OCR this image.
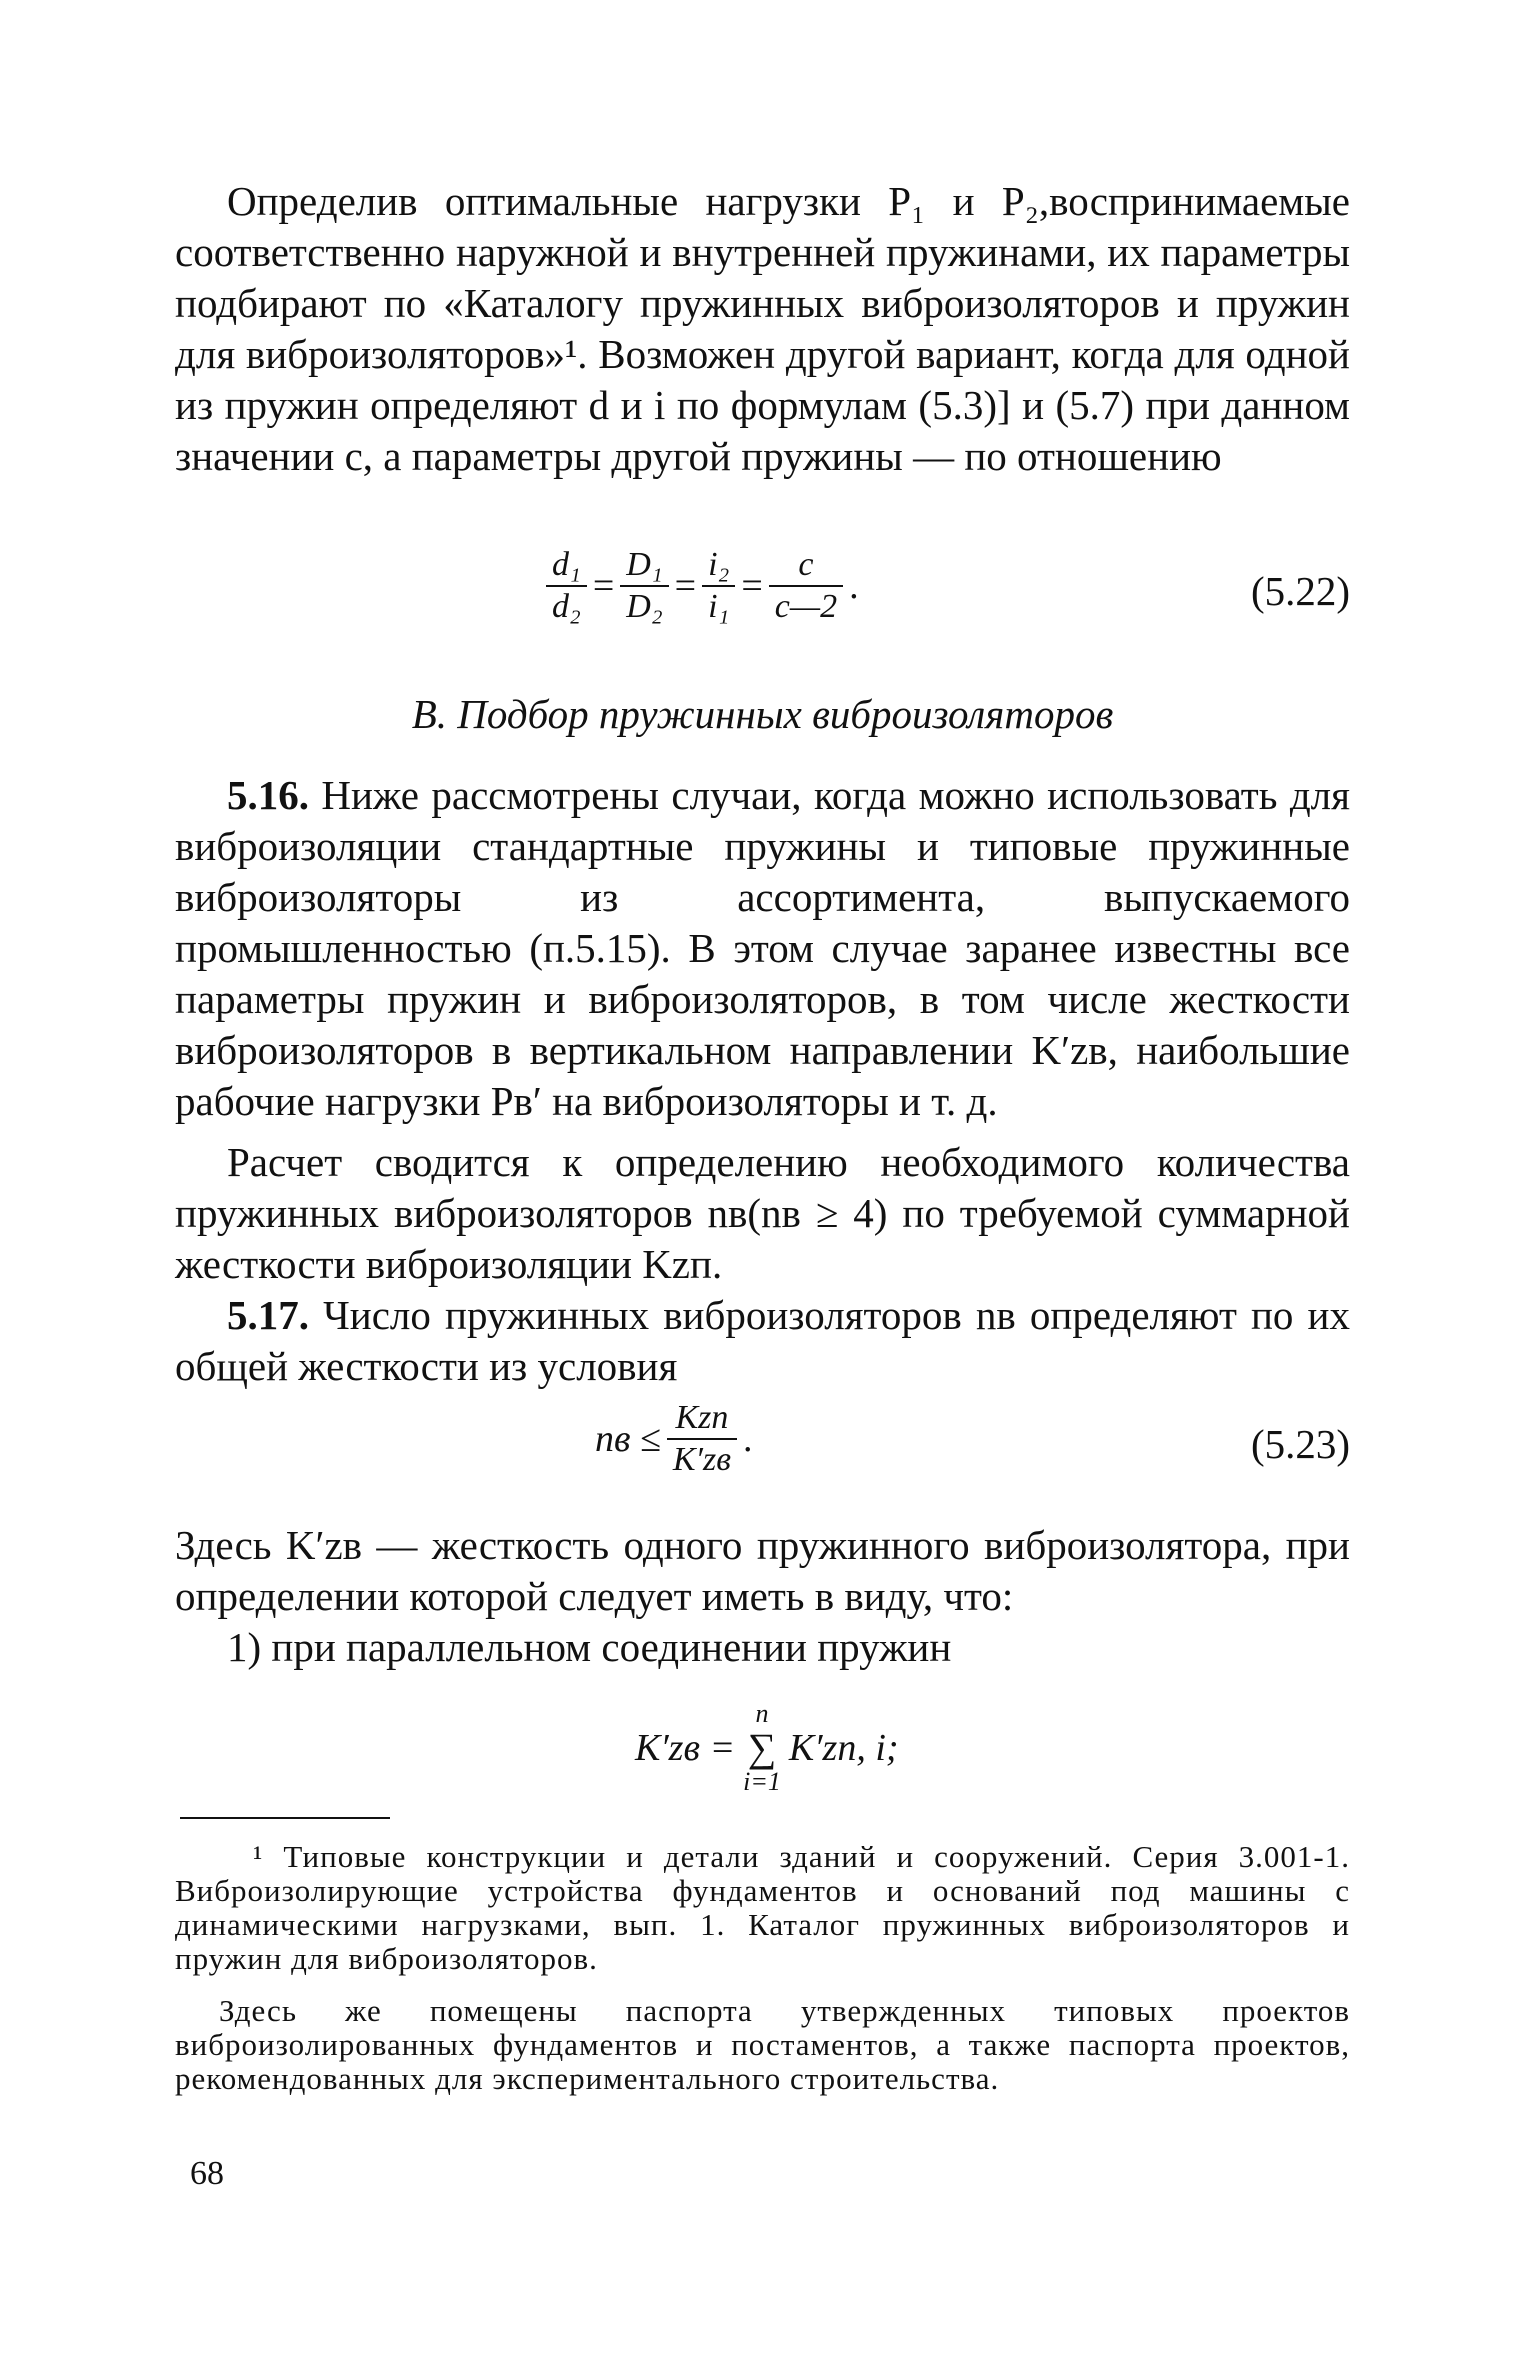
Определив оптимальные нагрузки P₁ и P₂,воспринимаемые соответственно наружной и внутренней пружинами, их параметры подбирают по «Каталогу пружинных виброизоляторов и пружин для виброизоляторов»¹. Возможен другой вариант, когда для одной из пружин определяют d и i по формулам (5.3)] и (5.7) при данном значении c, а параметры другой пружины — по отношению
$\frac{\text{d₁}}{\text{d₂}} = \frac{\text{D₁}}{\text{D₂}} = \frac{\text{i₂}}{\text{i₁}} = \frac{c}{c—2}$ .	(5.22)
В. Подбор пружинных виброизоляторов
5.16. Ниже рассмотрены случаи, когда можно использовать для виброизоляции стандартные пружины и типовые пружинные виброизоляторы из ассортимента, выпускаемого промышленностью (п.5.15). В этом случае заранее известны все параметры пружин и виброизоляторов, в том числе жесткости виброизоляторов в вертикальном направлении K′zв, наибольшие рабочие нагрузки Pв′ на виброизоляторы и т. д.
Расчет сводится к определению необходимого количества пружинных виброизоляторов nв(nв ≥ 4) по требуемой суммарной жесткости виброизоляции Kzп.
5.17. Число пружинных виброизоляторов nв определяют по их общей жесткости из условия
nв ≤ $\frac{\text{Kzп}}{K'zв}$ .	(5.23)
Здесь K′zв — жесткость одного пружинного виброизолятора, при определении которой следует иметь в виду, что:
1) при параллельном соединении пружин
K′zв =
n
∑
i=1
K′zп, i;
¹ Типовые конструкции и детали зданий и сооружений. Серия 3.001-1. Виброизолирующие устройства фундаментов и оснований под машины с динамическими нагрузками, вып. 1. Каталог пружинных виброизоляторов и пружин для виброизоляторов.
Здесь же помещены паспорта утвержденных типовых проектов виброизолированных фундаментов и постаментов, а также паспорта проектов, рекомендованных для экспериментального строительства.
68
